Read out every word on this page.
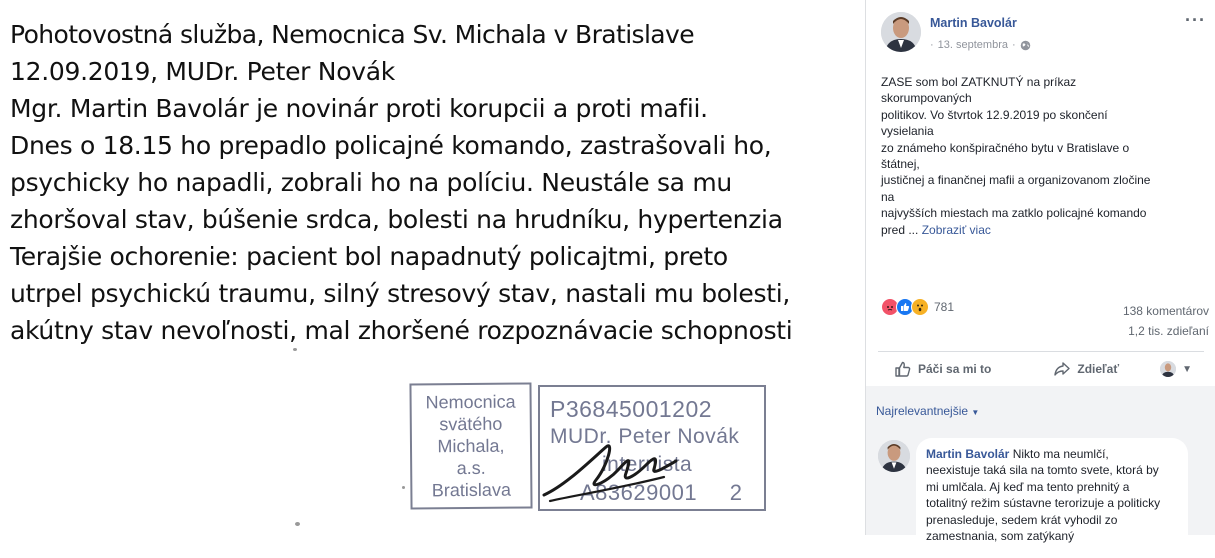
Pohotovostná služba, Nemocnica Sv. Michala v Bratislave
12.09.2019, MUDr. Peter Novák
Mgr. Martin Bavolár je novinár proti korupcii a proti mafii.
Dnes o 18.15 ho prepadlo policajné komando, zastrašovali ho,
psychicky ho napadli, zobrali ho na políciu. Neustále sa mu
zhoršoval stav, búšenie srdca, bolesti na hrudníku, hypertenzia
Terajšie ochorenie: pacient bol napadnutý policajtmi, preto
utrpel psychickú traumu, silný stresový stav, nastali mu bolesti,
akútny stav nevoľnosti, mal zhoršené rozpoznávacie schopnosti
Nemocnica
svätého
Michala,
a.s.
Bratislava
P36845001202
MUDr. Peter Novák
internista
A83629001 2
Martin Bavolár
· 13. septembra ·
···
ZASE som bol ZATKNUTÝ na príkaz
skorumpovaných
politikov. Vo štvrtok 12.9.2019 po skončení
vysielania
zo známeho konšpiračného bytu v Bratislave o
štátnej,
justičnej a finančnej mafii a organizovanom zločine
na
najvyšších miestach ma zatklo policajné komando
pred ... Zobraziť viac
781	138 komentárov
1,2 tis. zdieľaní
Páči sa mi to	Zdieľať	▼
Najrelevantnejšie ▼
Martin Bavolár Nikto ma neumlčí,
neexistuje taká sila na tomto svete, ktorá by
mi umlčala. Aj keď ma tento prehnitý a
totalitný režim sústavne terorizuje a politicky
prenasleduje, sedem krát vyhodil zo
zamestnania, som zatýkaný
